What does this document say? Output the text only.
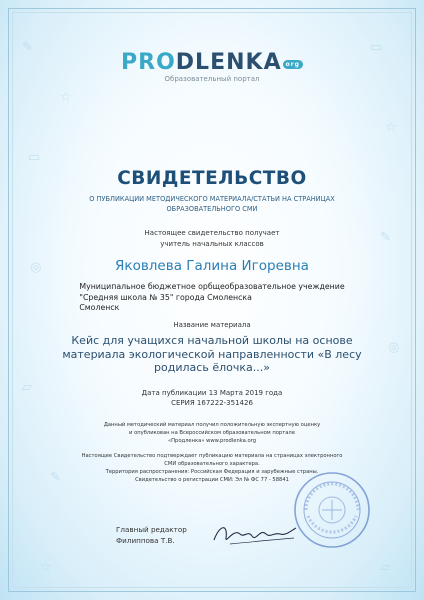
✎
☆
▭
◎
▱
✎
▭
☆
✎
◎
▱
☆
PRODLENKA org
Образовательный портал
СВИДЕТЕЛЬСТВО
О ПУБЛИКАЦИИ МЕТОДИЧЕСКОГО МАТЕРИАЛА/СТАТЬИ НА СТРАНИЦАХ
ОБРАЗОВАТЕЛЬНОГО СМИ
Настоящее свидетельство получает
учитель начальных классов
Яковлева Галина Игоревна
Муниципальное бюджетное орбщеобразовательное учеждение
"Средняя школа № 35" города Смоленска
Смоленск
Название материала
Кейс для учащихся начальной школы на основе
материала экологической направленности «В лесу
родилась ёлочка...»
Дата публикации 13 Марта 2019 года
СЕРИЯ 167222-351426
Данный методический материал получил положительную экспертную оценку
и опубликован на Всероссийском образовательном портале
«Продленка» www.prodlenka.org
Настоящее Свидетельство подтверждает публикацию материала на страницах электронного
СМИ образовательного характера.
Территория распространения: Российская Федерация и зарубежные страны.
Свидетельство о регистрации СМИ: Эл № ФС 77 - 58841
Главный редактор
Филиппова Т.В.
